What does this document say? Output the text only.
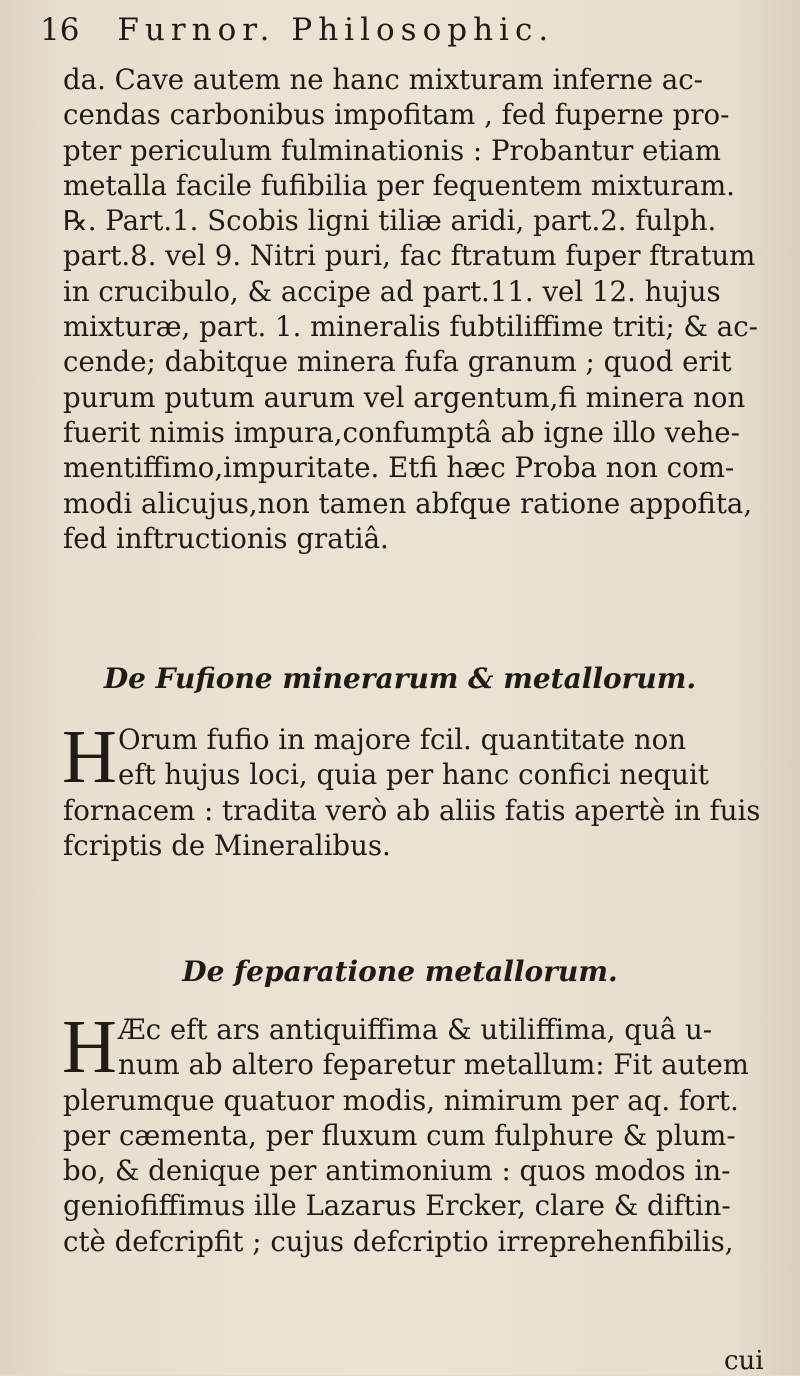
16 Furnor. Philosophic.
da. Cave autem ne hanc mixturam inferne ac-
cendas carbonibus impofitam , fed fuperne pro-
pter periculum fulminationis : Probantur etiam
metalla facile fufibilia per fequentem mixturam.
℞. Part.1. Scobis ligni tiliæ aridi, part.2. fulph.
part.8. vel 9. Nitri puri, fac ftratum fuper ftratum
in crucibulo, & accipe ad part.11. vel 12. hujus
mixturæ, part. 1. mineralis fubtiliffime triti; & ac-
cende; dabitque minera fufa granum ; quod erit
purum putum aurum vel argentum,fi minera non
fuerit nimis impura,confumptâ ab igne illo vehe-
mentiffimo,impuritate. Etfi hæc Proba non com-
modi alicujus,non tamen abfque ratione appofita,
fed inftructionis gratiâ.
De Fufione minerarum & metallorum.
H Orum fufio in majore fcil. quantitate non
eft hujus loci, quia per hanc confici nequit
fornacem : tradita verò ab aliis fatis apertè in fuis
fcriptis de Mineralibus.
De feparatione metallorum.
H Æc eft ars antiquiffima & utiliffima, quâ u-
num ab altero feparetur metallum: Fit autem
plerumque quatuor modis, nimirum per aq. fort.
per cæmenta, per fluxum cum fulphure & plum-
bo, & denique per antimonium : quos modos in-
geniofiffimus ille Lazarus Ercker, clare & diftin-
ctè defcripfit ; cujus defcriptio irreprehenfibilis,
cui
